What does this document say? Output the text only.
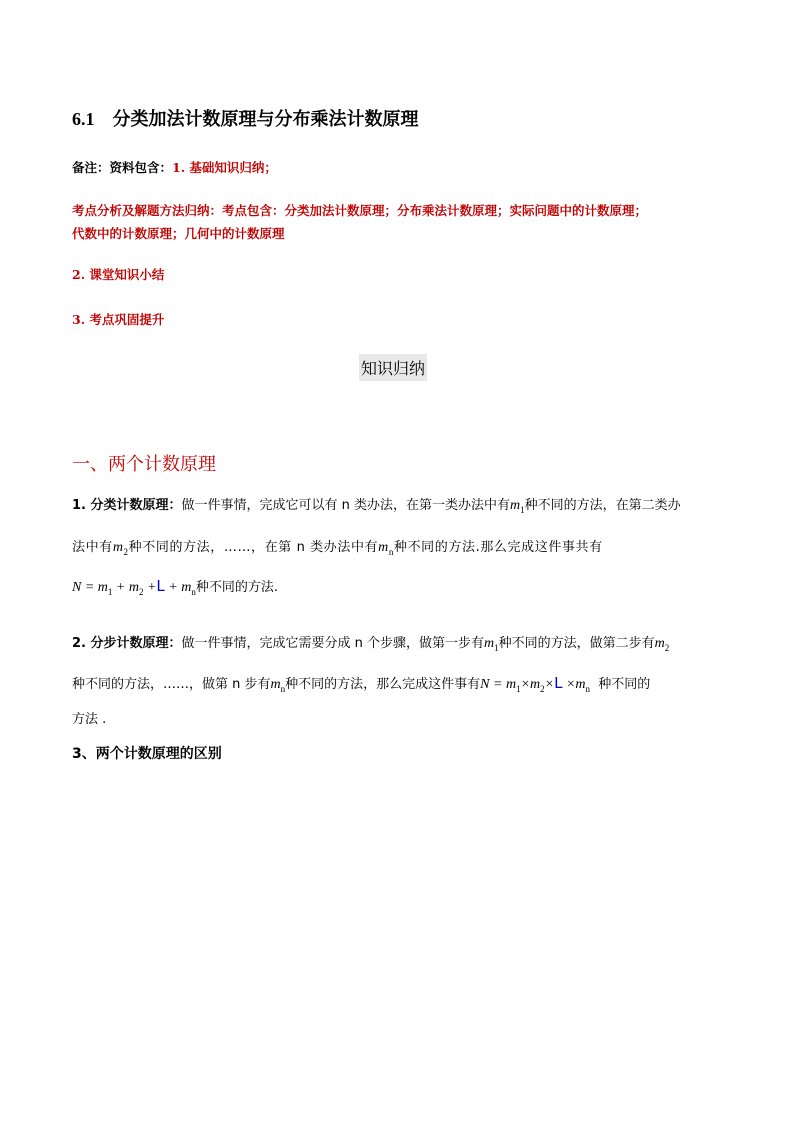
6.1 分类加法计数原理与分布乘法计数原理
备注：资料包含：1. 基础知识归纳；
考点分析及解题方法归纳：考点包含：分类加法计数原理；分布乘法计数原理；实际问题中的计数原理；
代数中的计数原理；几何中的计数原理
2. 课堂知识小结
3. 考点巩固提升
知识归纳
一、两个计数原理
1. 分类计数原理：做一件事情，完成它可以有 n 类办法，在第一类办法中有$m_1$种不同的方法，在第二类办
法中有$m_2$种不同的方法，……，在第 n 类办法中有$m_n$种不同的方法.那么完成这件事共有
$N = m_1 + m_2 +L + m_n$种不同的方法.
2. 分步计数原理：做一件事情，完成它需要分成 n 个步骤，做第一步有$m_1$种不同的方法，做第二步有$m_2$
种不同的方法，……，做第 n 步有$m_n$种不同的方法，那么完成这件事有$N = m_1\times m_2\times L \times m_n$ 种不同的
方法 .
3、两个计数原理的区别
